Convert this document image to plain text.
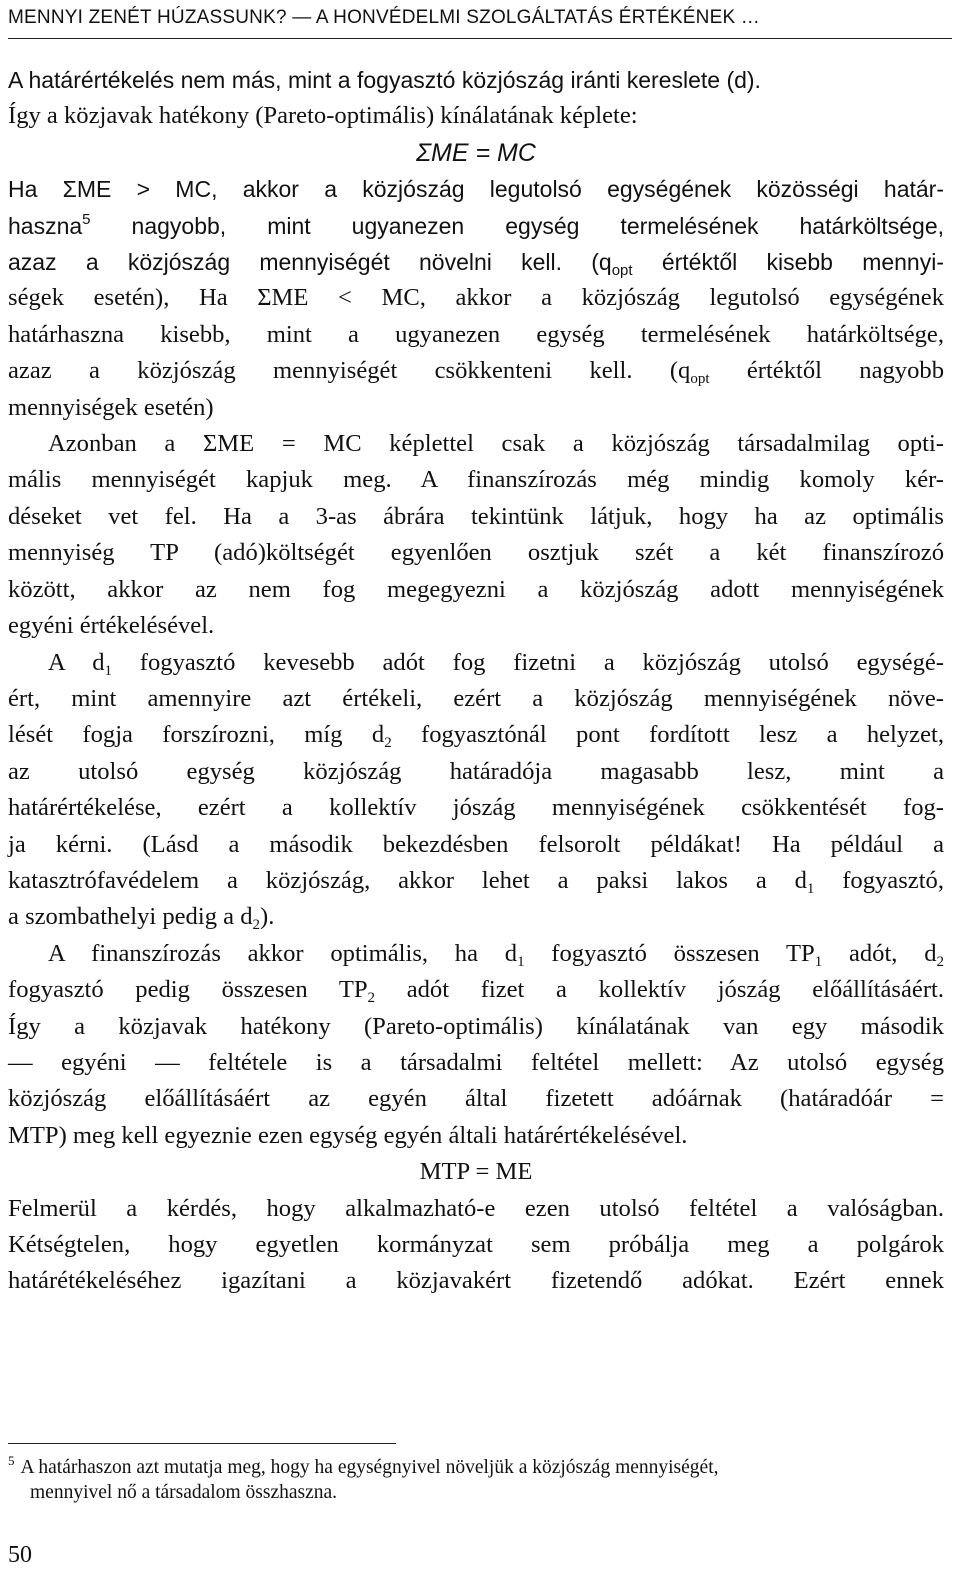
MENNYI ZENÉT HÚZASSUNK? — A HONVÉDELMI SZOLGÁLTATÁS ÉRTÉKÉNEK …
A határértékelés nem más, mint a fogyasztó közjószág iránti kereslete (d).
Így a közjavak hatékony (Pareto-optimális) kínálatának képlete:
ΣME = MC
Ha ΣME > MC, akkor a közjószág legutolsó egységének közösségi határ-
haszna$^5$ nagyobb, mint ugyanezen egység termelésének határköltsége,
azaz a közjószág mennyiségét növelni kell. ($q_{opt}$ értéktől kisebb mennyi-
ségek esetén), Ha ΣME < MC, akkor a közjószág legutolsó egységének
határhaszna kisebb, mint a ugyanezen egység termelésének határköltsége,
azaz a közjószág mennyiségét csökkenteni kell. ($q_{opt}$ értéktől nagyobb
mennyiségek esetén)
Azonban a ΣME = MC képlettel csak a közjószág társadalmilag opti-
mális mennyiségét kapjuk meg. A finanszírozás még mindig komoly kér-
déseket vet fel. Ha a 3-as ábrára tekintünk látjuk, hogy ha az optimális
mennyiség TP (adó)költségét egyenlően osztjuk szét a két finanszírozó
között, akkor az nem fog megegyezni a közjószág adott mennyiségének
egyéni értékelésével.
A $d_1$ fogyasztó kevesebb adót fog fizetni a közjószág utolsó egységé-
ért, mint amennyire azt értékeli, ezért a közjószág mennyiségének növe-
lését fogja forszírozni, míg $d_2$ fogyasztónál pont fordított lesz a helyzet,
az utolsó egység közjószág határadója magasabb lesz, mint a
határértékelése, ezért a kollektív jószág mennyiségének csökkentését fog-
ja kérni. (Lásd a második bekezdésben felsorolt példákat! Ha például a
katasztrófavédelem a közjószág, akkor lehet a paksi lakos a $d_1$ fogyasztó,
a szombathelyi pedig a $d_2$).
A finanszírozás akkor optimális, ha $d_1$ fogyasztó összesen $TP_1$ adót, $d_2$
fogyasztó pedig összesen $TP_2$ adót fizet a kollektív jószág előállításáért.
Így a közjavak hatékony (Pareto-optimális) kínálatának van egy második
— egyéni — feltétele is a társadalmi feltétel mellett: Az utolsó egység
közjószág előállításáért az egyén által fizetett adóárnak (határadóár =
MTP) meg kell egyeznie ezen egység egyén általi határértékelésével.
MTP = ME
Felmerül a kérdés, hogy alkalmazható-e ezen utolsó feltétel a valóságban.
Kétségtelen, hogy egyetlen kormányzat sem próbálja meg a polgárok
határétékeléséhez igazítani a közjavakért fizetendő adókat. Ezért ennek
$^5$ A határhaszon azt mutatja meg, hogy ha egységnyivel növeljük a közjószág mennyiségét,
mennyivel nő a társadalom összhaszna.
50
